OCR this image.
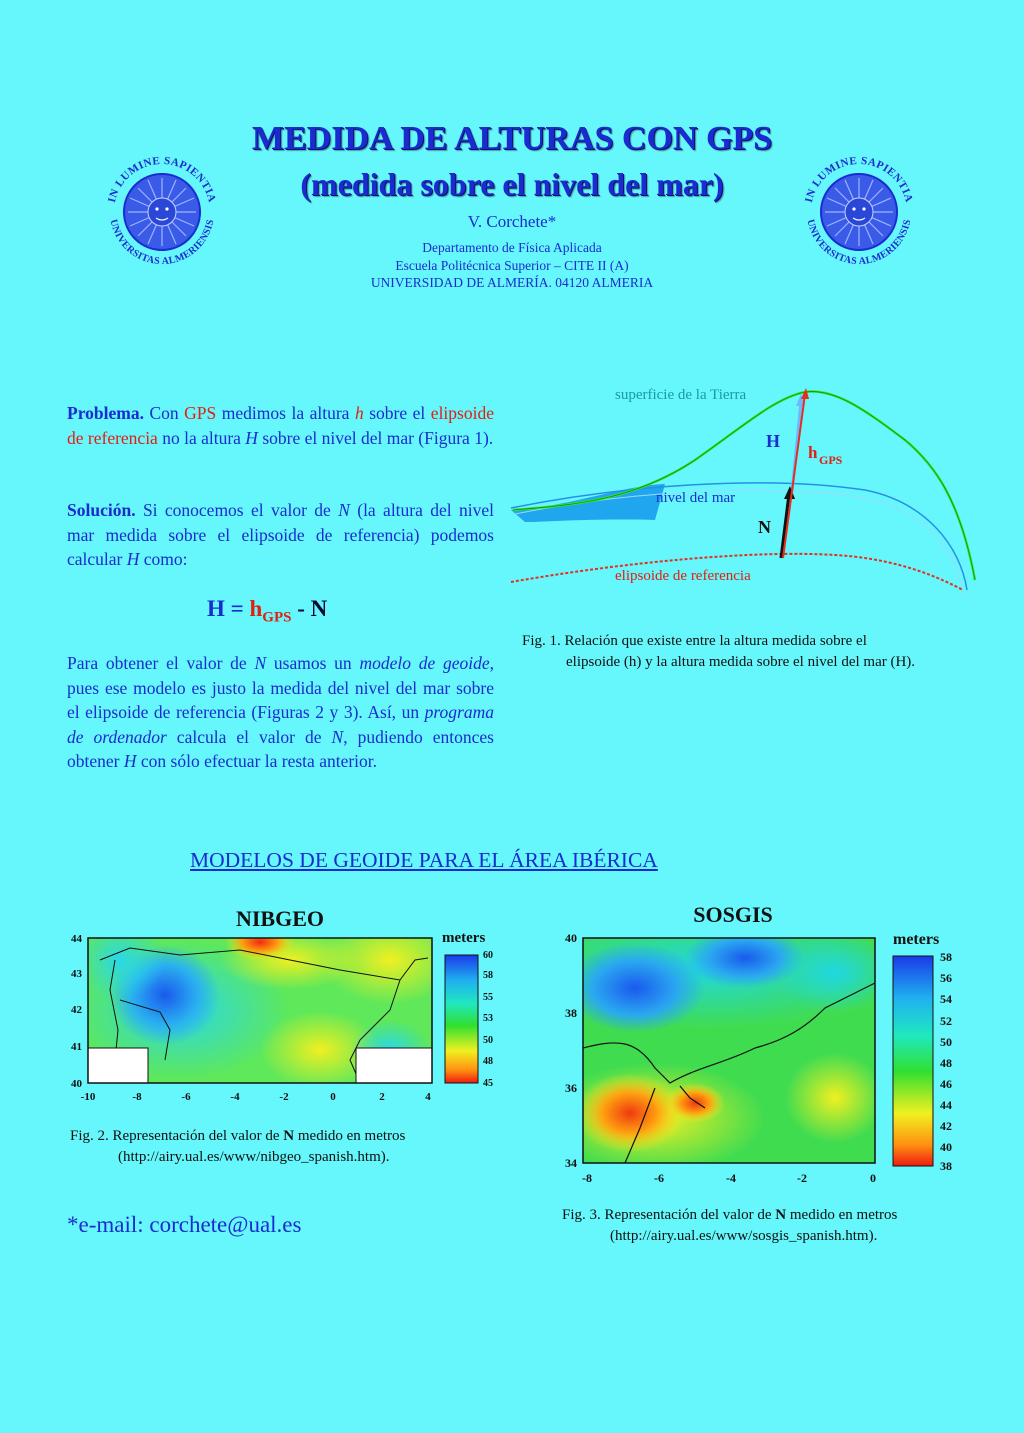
MEDIDA DE ALTURAS CON GPS
(medida sobre el nivel del mar)
V. Corchete*
Departamento de Física Aplicada
Escuela Politécnica Superior – CITE II (A)
UNIVERSIDAD DE ALMERÍA. 04120 ALMERIA
IN LUMINE SAPIENTIA
UNIVERSITAS ALMERIENSIS
IN LUMINE SAPIENTIA
UNIVERSITAS ALMERIENSIS
Problema. Con GPS medimos la altura h sobre el elipsoide de referencia no la altura H sobre el nivel del mar (Figura 1).
Solución. Si conocemos el valor de N (la altura del nivel mar medida sobre el elipsoide de referencia) podemos calcular H como:
$H = h_{GPS} - N$
Para obtener el valor de N usamos un modelo de geoide, pues ese modelo es justo la medida del nivel del mar sobre el elipsoide de referencia (Figuras 2 y 3). Así, un programa de ordenador calcula el valor de N, pudiendo entonces obtener H con sólo efectuar la resta anterior.
superficie de la Tierra
nivel del mar
elipsoide de referencia
H
h GPS
N
Fig. 1. Relación que existe entre la altura medida sobre el
elipsoide (h) y la altura medida sobre el nivel del mar (H).
MODELOS DE GEOIDE PARA EL ÁREA IBÉRICA
NIBGEO
44
43
42
41
40
-10	-8	-6	-4	-2	0	2	4
meters
60
58
55
53
50
48
45
Fig. 2. Representación del valor de N medido en metros
(http://airy.ual.es/www/nibgeo_spanish.htm).
SOSGIS
40
38
36
34
-8	-6	-4	-2	0
meters
58
56
54
52
50
48
46
44
42
40
38
Fig. 3. Representación del valor de N medido en metros
(http://airy.ual.es/www/sosgis_spanish.htm).
*e-mail: corchete@ual.es
